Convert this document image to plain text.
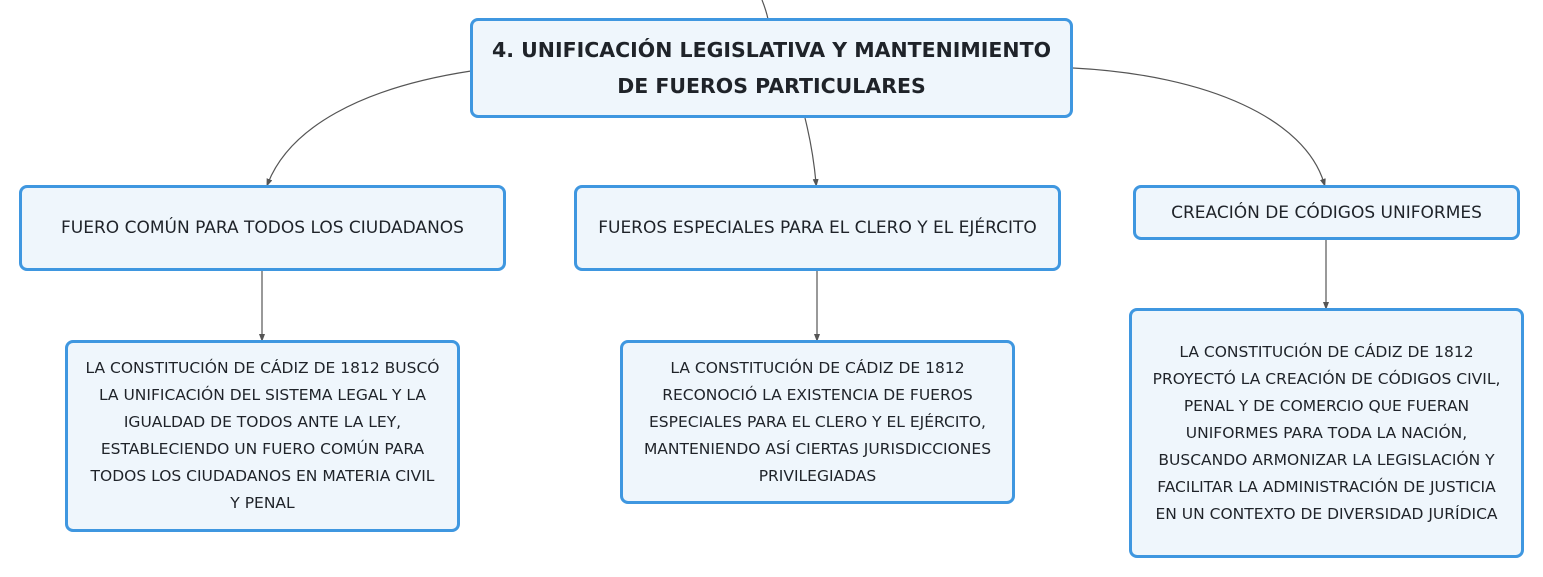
4. UNIFICACIÓN LEGISLATIVA Y MANTENIMIENTO
DE FUEROS PARTICULARES
FUERO COMÚN PARA TODOS LOS CIUDADANOS	FUEROS ESPECIALES PARA EL CLERO Y EL EJÉRCITO
CREACIÓN DE CÓDIGOS UNIFORMES
LA CONSTITUCIÓN DE CÁDIZ DE 1812 BUSCÓ
LA UNIFICACIÓN DEL SISTEMA LEGAL Y LA
IGUALDAD DE TODOS ANTE LA LEY,
ESTABLECIENDO UN FUERO COMÚN PARA
TODOS LOS CIUDADANOS EN MATERIA CIVIL
Y PENAL
LA CONSTITUCIÓN DE CÁDIZ DE 1812
RECONOCIÓ LA EXISTENCIA DE FUEROS
ESPECIALES PARA EL CLERO Y EL EJÉRCITO,
MANTENIENDO ASÍ CIERTAS JURISDICCIONES
PRIVILEGIADAS
LA CONSTITUCIÓN DE CÁDIZ DE 1812
PROYECTÓ LA CREACIÓN DE CÓDIGOS CIVIL,
PENAL Y DE COMERCIO QUE FUERAN
UNIFORMES PARA TODA LA NACIÓN,
BUSCANDO ARMONIZAR LA LEGISLACIÓN Y
FACILITAR LA ADMINISTRACIÓN DE JUSTICIA
EN UN CONTEXTO DE DIVERSIDAD JURÍDICA
